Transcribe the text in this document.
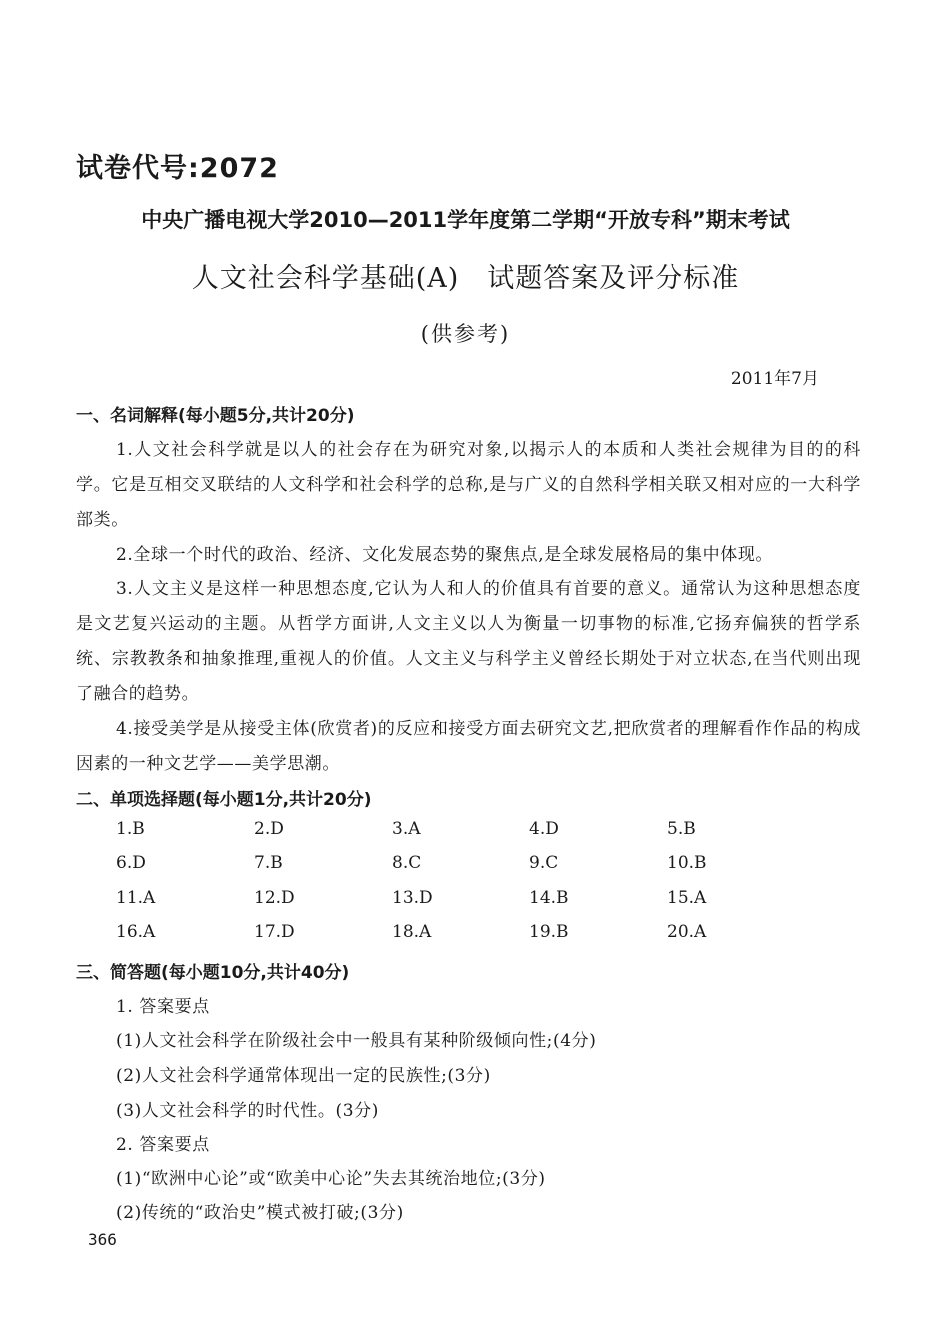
试卷代号:2072
中央广播电视大学2010—2011学年度第二学期“开放专科”期末考试
人文社会科学基础(A)　试题答案及评分标准
(供参考)
2011年7月
一、名词解释(每小题5分,共计20分)

1.人文社会科学就是以人的社会存在为研究对象,以揭示人的本质和人类社会规律为目的的科学。它是互相交叉联结的人文科学和社会科学的总称,是与广义的自然科学相关联又相对应的一大科学部类。

2.全球一个时代的政治、经济、文化发展态势的聚焦点,是全球发展格局的集中体现。

3.人文主义是这样一种思想态度,它认为人和人的价值具有首要的意义。通常认为这种思想态度是文艺复兴运动的主题。从哲学方面讲,人文主义以人为衡量一切事物的标准,它扬弃偏狭的哲学系统、宗教教条和抽象推理,重视人的价值。人文主义与科学主义曾经长期处于对立状态,在当代则出现了融合的趋势。

4.接受美学是从接受主体(欣赏者)的反应和接受方面去研究文艺,把欣赏者的理解看作作品的构成因素的一种文艺学——美学思潮。

二、单项选择题(每小题1分,共计20分)
1.B	2.D	3.A	4.D	5.B
6.D	7.B	8.C	9.C	10.B
11.A	12.D	13.D	14.B	15.A
16.A	17.D	18.A	19.B	20.A
三、简答题(每小题10分,共计40分)
1. 答案要点
(1)人文社会科学在阶级社会中一般具有某种阶级倾向性;(4分)
(2)人文社会科学通常体现出一定的民族性;(3分)
(3)人文社会科学的时代性。(3分)
2. 答案要点
(1)“欧洲中心论”或“欧美中心论”失去其统治地位;(3分)
(2)传统的“政治史”模式被打破;(3分)
366
